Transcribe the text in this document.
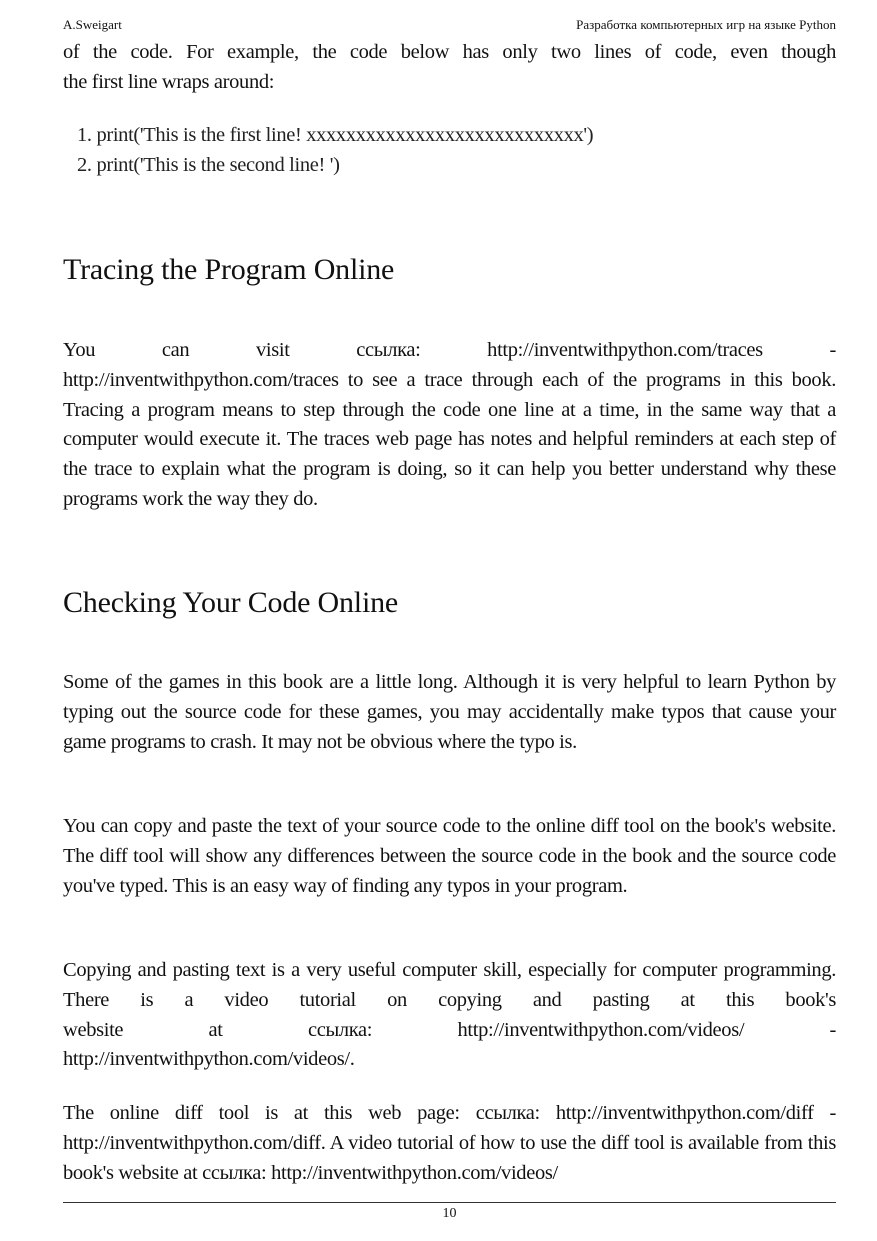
A.Sweigart	Разработка компьютерных игр на языке Python
of the code. For example, the code below has only two lines of code, even though
the first line wraps around:
1. print('This is the first line! xxxxxxxxxxxxxxxxxxxxxxxxxxxx')
2. print('This is the second line! ')
Tracing the Program Online
You can visit ссылка: http://inventwithpython.com/traces -
http://inventwithpython.com/traces to see a trace through each of the programs in this book. Tracing a program means to step through the code one line at a time, in the same way that a computer would execute it. The traces web page has notes and helpful reminders at each step of the trace to explain what the program is doing, so it can help you better understand why these programs work the way they do.
Checking Your Code Online

Some of the games in this book are a little long. Although it is very helpful to learn Python by typing out the source code for these games, you may accidentally make typos that cause your game programs to crash. It may not be obvious where the typo is.

You can copy and paste the text of your source code to the online diff tool on the book's website. The diff tool will show any differences between the source code in the book and the source code you've typed. This is an easy way of finding any typos in your program.

Copying and pasting text is a very useful computer skill, especially for computer programming. There is a video tutorial on copying and pasting at this book's
website at ссылка: http://inventwithpython.com/videos/ -
http://inventwithpython.com/videos/.

The online diff tool is at this web page: ссылка: http://inventwithpython.com/diff - http://inventwithpython.com/diff. A video tutorial of how to use the diff tool is available from this book's website at ссылка: http://inventwithpython.com/videos/

10
